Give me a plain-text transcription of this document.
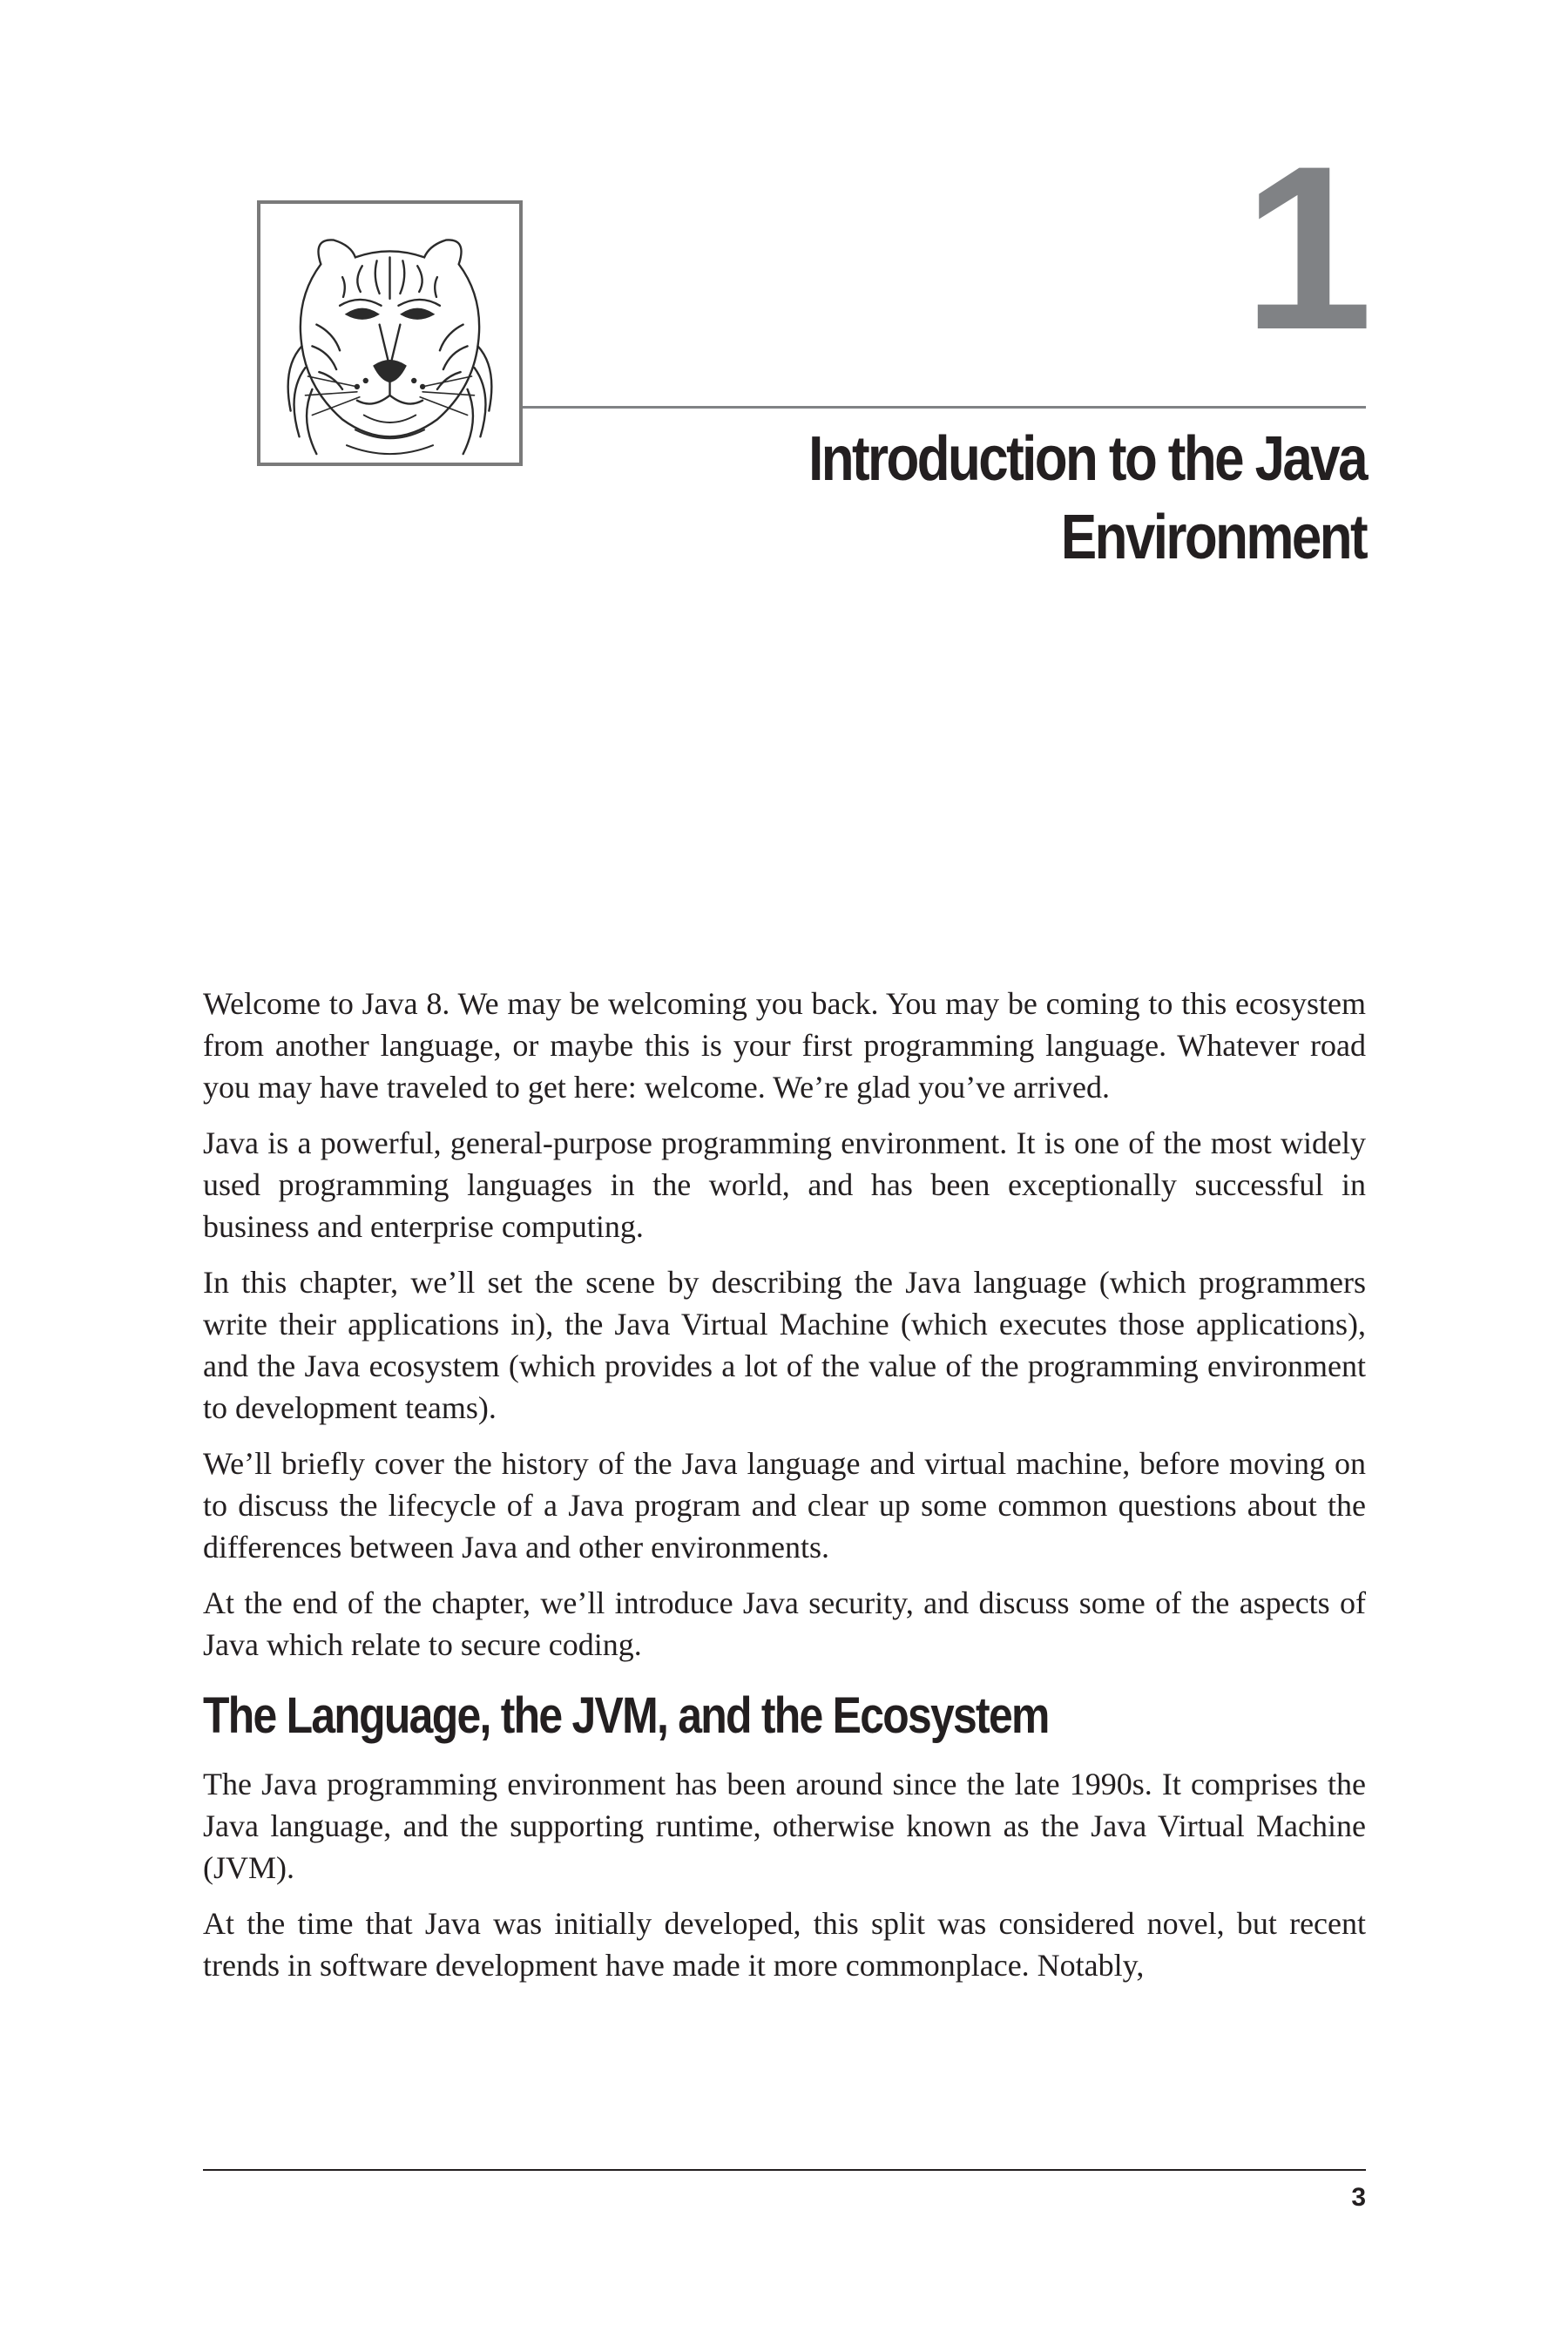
1
Introduction to the Java
Environment

Welcome to Java 8. We may be welcoming you back. You may be coming to this ecosystem from another language, or maybe this is your first programming language. Whatever road you may have traveled to get here: welcome. We’re glad you’ve arrived.

Java is a powerful, general-purpose programming environment. It is one of the most widely used programming languages in the world, and has been exceptionally successful in business and enterprise computing.

In this chapter, we’ll set the scene by describing the Java language (which programmers write their applications in), the Java Virtual Machine (which executes those applications), and the Java ecosystem (which provides a lot of the value of the programming environment to development teams).

We’ll briefly cover the history of the Java language and virtual machine, before moving on to discuss the lifecycle of a Java program and clear up some common questions about the differences between Java and other environments.

At the end of the chapter, we’ll introduce Java security, and discuss some of the aspects of Java which relate to secure coding.

The Language, the JVM, and the Ecosystem

The Java programming environment has been around since the late 1990s. It comprises the Java language, and the supporting runtime, otherwise known as the Java Virtual Machine (JVM).

At the time that Java was initially developed, this split was considered novel, but recent trends in software development have made it more commonplace. Notably,

3
